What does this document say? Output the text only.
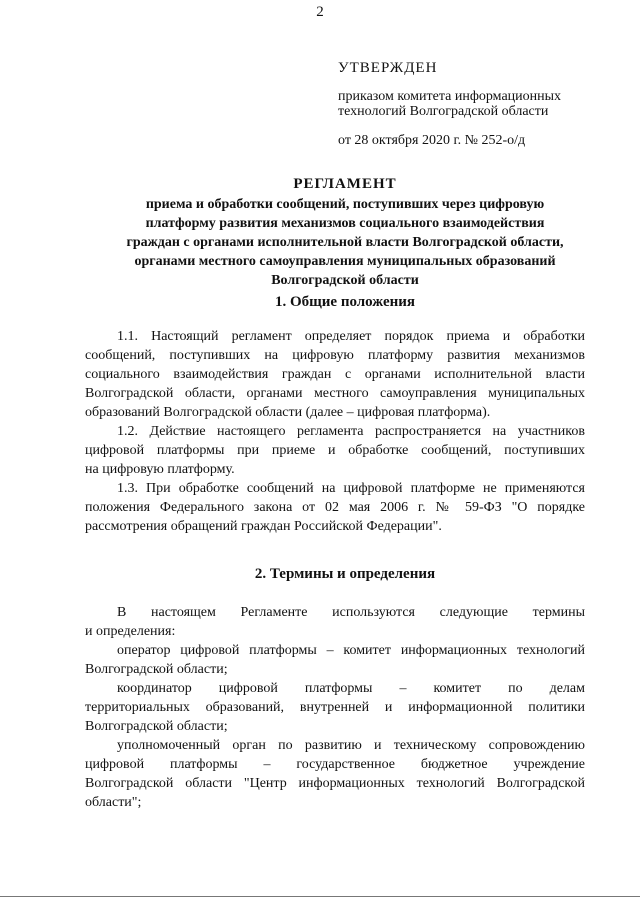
2

УТВЕРЖДЕН

приказом комитета информационных

технологий Волгоградской области

от 28 октября 2020 г. № 252-о/д
РЕГЛАМЕНТ
приема и обработки сообщений, поступивших через цифровую
платформу развития механизмов социального взаимодействия
граждан с органами исполнительной власти Волгоградской области,
органами местного самоуправления муниципальных образований
Волгоградской области
1. Общие положения

1.1. Настоящий регламент определяет порядок приема и обработки

сообщений, поступивших на цифровую платформу развития механизмов

социального взаимодействия граждан с органами исполнительной власти

Волгоградской области, органами местного самоуправления муниципальных

образований Волгоградской области (далее – цифровая платформа).

1.2. Действие настоящего регламента распространяется на участников

цифровой платформы при приеме и обработке сообщений, поступивших

на цифровую платформу.

1.3. При обработке сообщений на цифровой платформе не применяются

положения Федерального закона от 02 мая 2006 г. № 59-ФЗ "О порядке

рассмотрения обращений граждан Российской Федерации".

2. Термины и определения

В настоящем Регламенте используются следующие термины

и определения:

оператор цифровой платформы – комитет информационных технологий

Волгоградской области;

координатор цифровой платформы – комитет по делам

территориальных образований, внутренней и информационной политики

Волгоградской области;

уполномоченный орган по развитию и техническому сопровождению

цифровой платформы – государственное бюджетное учреждение

Волгоградской области "Центр информационных технологий Волгоградской

области";
